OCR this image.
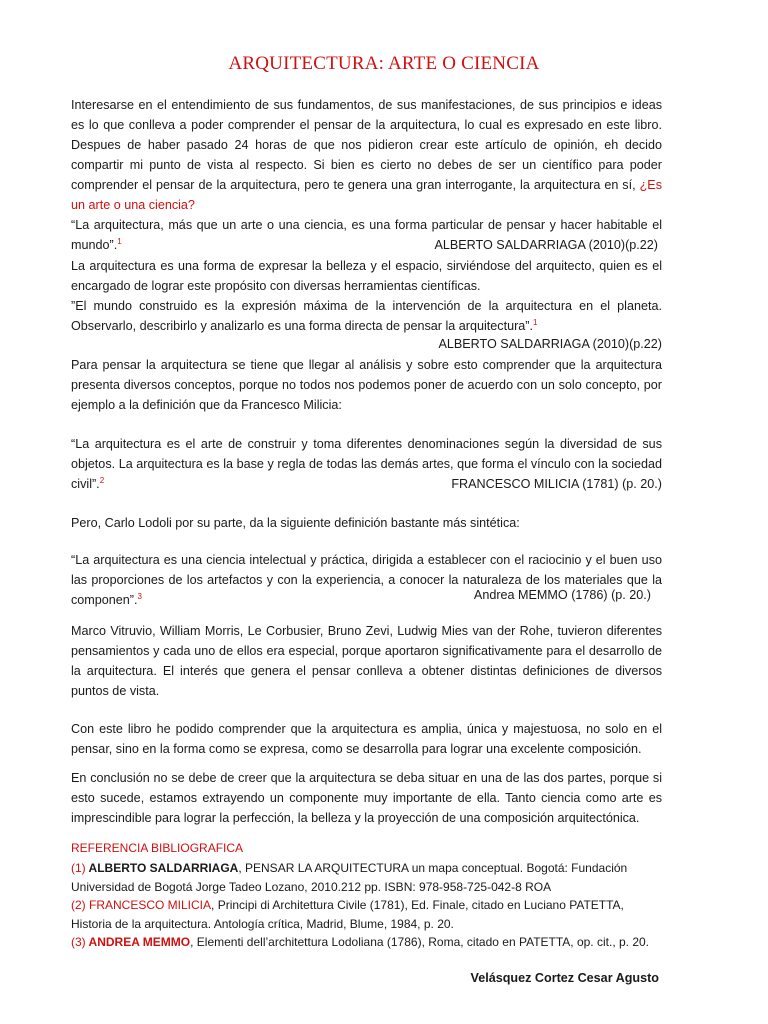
ARQUITECTURA: ARTE O CIENCIA
Interesarse en el entendimiento de sus fundamentos, de sus manifestaciones, de sus principios e ideas es lo que conlleva a poder comprender el pensar de la arquitectura, lo cual es expresado en este libro. Despues de haber pasado 24 horas de que nos pidieron crear este artículo de opinión, eh decido compartir mi punto de vista al respecto. Si bien es cierto no debes de ser un científico para poder comprender el pensar de la arquitectura, pero te genera una gran interrogante, la arquitectura en sí, ¿Es un arte o una ciencia?
“La arquitectura, más que un arte o una ciencia, es una forma particular de pensar y hacer habitable el mundo”.$^1$	ALBERTO SALDARRIAGA (2010)(p.22)
La arquitectura es una forma de expresar la belleza y el espacio, sirviéndose del arquitecto, quien es el encargado de lograr este propósito con diversas herramientas científicas.
”El mundo construido es la expresión máxima de la intervención de la arquitectura en el planeta. Observarlo, describirlo y analizarlo es una forma directa de pensar la arquitectura”.$^1$
ALBERTO SALDARRIAGA (2010)(p.22)
Para pensar la arquitectura se tiene que llegar al análisis y sobre esto comprender que la arquitectura presenta diversos conceptos, porque no todos nos podemos poner de acuerdo con un solo concepto, por ejemplo a la definición que da Francesco Milicia:
“La arquitectura es el arte de construir y toma diferentes denominaciones según la diversidad de sus objetos. La arquitectura es la base y regla de todas las demás artes, que forma el vínculo con la sociedad civil”.$^2$	FRANCESCO MILICIA (1781) (p. 20.)
Pero, Carlo Lodoli por su parte, da la siguiente definición bastante más sintética:
“La arquitectura es una ciencia intelectual y práctica, dirigida a establecer con el raciocinio y el buen uso las proporciones de los artefactos y con la experiencia, a conocer la naturaleza de los materiales que la componen”.$^3$	Andrea MEMMO (1786) (p. 20.)
Marco Vitruvio, William Morris, Le Corbusier, Bruno Zevi, Ludwig Mies van der Rohe, tuvieron diferentes pensamientos y cada uno de ellos era especial, porque aportaron significativamente para el desarrollo de la arquitectura. El interés que genera el pensar conlleva a obtener distintas definiciones de diversos puntos de vista.
Con este libro he podido comprender que la arquitectura es amplia, única y majestuosa, no solo en el pensar, sino en la forma como se expresa, como se desarrolla para lograr una excelente composición.
En conclusión no se debe de creer que la arquitectura se deba situar en una de las dos partes, porque si esto sucede, estamos extrayendo un componente muy importante de ella. Tanto ciencia como arte es imprescindible para lograr la perfección, la belleza y la proyección de una composición arquitectónica.
REFERENCIA BIBLIOGRAFICA
(1) ALBERTO SALDARRIAGA, PENSAR LA ARQUITECTURA un mapa conceptual. Bogotá: Fundación Universidad de Bogotá Jorge Tadeo Lozano, 2010.212 pp. ISBN: 978-958-725-042-8 ROA
(2) FRANCESCO MILICIA, Principi di Architettura Civile (1781), Ed. Finale, citado en Luciano PATETTA, Historia de la arquitectura. Antología crítica, Madrid, Blume, 1984, p. 20.
(3) ANDREA MEMMO, Elementi dell’architettura Lodoliana (1786), Roma, citado en PATETTA, op. cit., p. 20.
Velásquez Cortez Cesar Agusto
